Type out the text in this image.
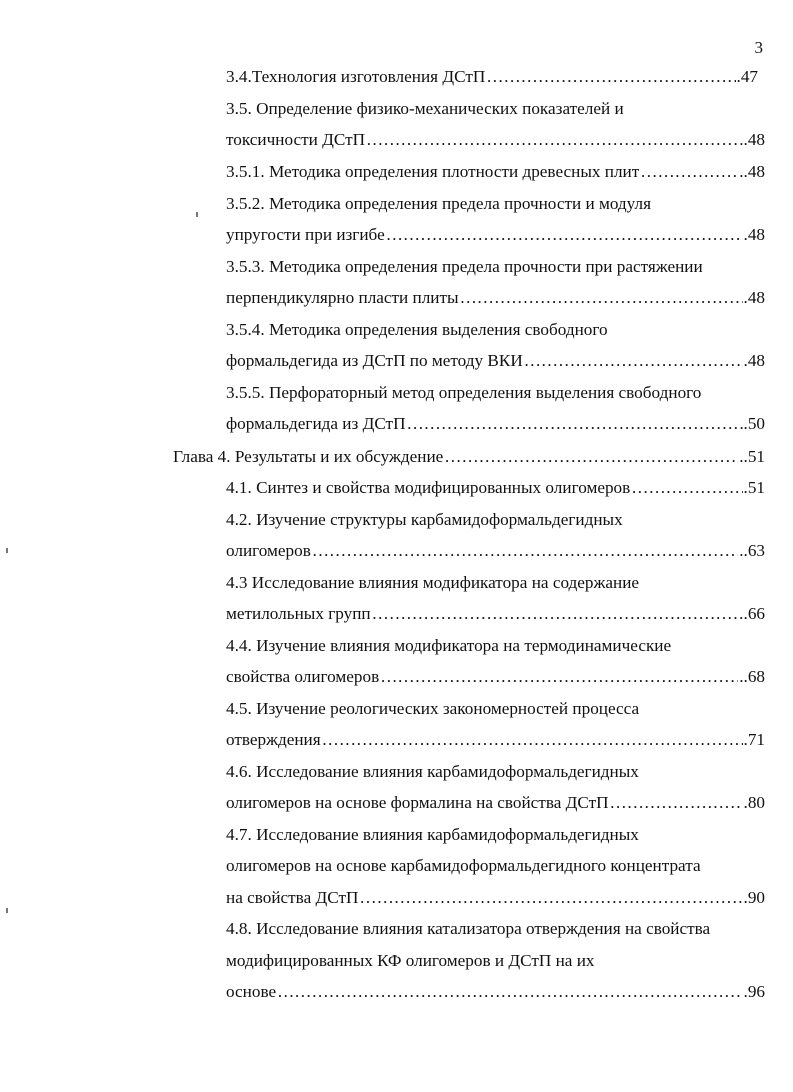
3
3.4.Технология изготовления ДСтП ………………………………………………………………………………………………………………………………………………………………………………………………………………………	.47
3.5. Определение физико-механических показателей и
токсичности ДСтП ………………………………………………………………………………………………………………………………………………………………………………………………………………………	..48
3.5.1. Методика определения плотности древесных плит ………………………………………………………………………………………………………………………………………………………………………………………………………………………	..48
3.5.2. Методика определения предела прочности и модуля
упругости при изгибе ………………………………………………………………………………………………………………………………………………………………………………………………………………………	.48
3.5.3. Методика определения предела прочности при растяжении
перпендикулярно пласти плиты ………………………………………………………………………………………………………………………………………………………………………………………………………………………	.48
3.5.4. Методика определения выделения свободного
формальдегида из ДСтП по методу ВКИ ………………………………………………………………………………………………………………………………………………………………………………………………………………………	.48
3.5.5. Перфораторный метод определения выделения свободного
формальдегида из ДСтП ………………………………………………………………………………………………………………………………………………………………………………………………………………………	.50
Глава 4. Результаты и их обсуждение ………………………………………………………………………………………………………………………………………………………………………………………………………………………	..51
4.1. Синтез и свойства модифицированных олигомеров ………………………………………………………………………………………………………………………………………………………………………………………………………………………	.51
4.2. Изучение структуры карбамидоформальдегидных
олигомеров ………………………………………………………………………………………………………………………………………………………………………………………………………………………	..63
4.3 Исследование влияния модификатора на содержание
метилольных групп ………………………………………………………………………………………………………………………………………………………………………………………………………………………	.66
4.4. Изучение влияния модификатора на термодинамические
свойства олигомеров ………………………………………………………………………………………………………………………………………………………………………………………………………………………	..68
4.5. Изучение реологических закономерностей процесса
отверждения ………………………………………………………………………………………………………………………………………………………………………………………………………………………	.71
4.6. Исследование влияния карбамидоформальдегидных
олигомеров на основе формалина на свойства ДСтП ………………………………………………………………………………………………………………………………………………………………………………………………………………………	.80
4.7. Исследование влияния карбамидоформальдегидных
олигомеров на основе карбамидоформальдегидного концентрата
на свойства ДСтП ………………………………………………………………………………………………………………………………………………………………………………………………………………………	.90
4.8. Исследование влияния катализатора отверждения на свойства
модифицированных КФ олигомеров и ДСтП на их
основе ………………………………………………………………………………………………………………………………………………………………………………………………………………………	.96
